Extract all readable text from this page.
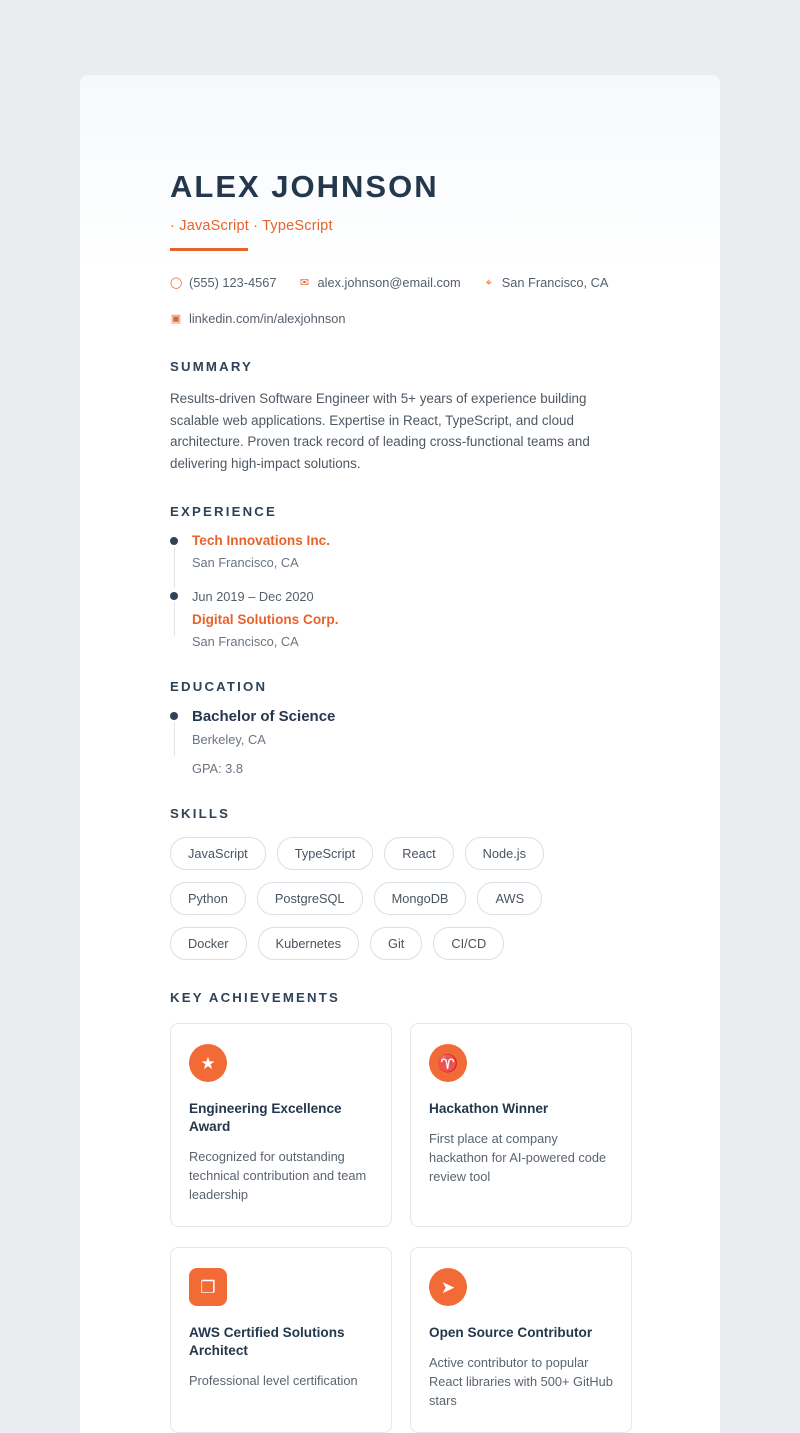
ALEX JOHNSON
· JavaScript · TypeScript
◯ (555) 123-4567 ✉ alex.johnson@email.com ⌖ San Francisco, CA
▣ linkedin.com/in/alexjohnson
SUMMARY
Results-driven Software Engineer with 5+ years of experience building scalable web applications. Expertise in React, TypeScript, and cloud architecture. Proven track record of leading cross-functional teams and delivering high-impact solutions.
EXPERIENCE
Tech Innovations Inc.
San Francisco, CA
Jun 2019 – Dec 2020
Digital Solutions Corp.
San Francisco, CA
EDUCATION
Bachelor of Science
Berkeley, CA
GPA: 3.8
SKILLS
JavaScript	TypeScript	React	Node.js
Python	PostgreSQL	MongoDB	AWS
Docker	Kubernetes	Git	CI/CD
KEY ACHIEVEMENTS
★
Engineering Excellence Award
Recognized for outstanding technical contribution and team leadership
♈
Hackathon Winner
First place at company hackathon for AI-powered code review tool
❒
AWS Certified Solutions Architect
Professional level certification
➤
Open Source Contributor
Active contributor to popular React libraries with 500+ GitHub stars
